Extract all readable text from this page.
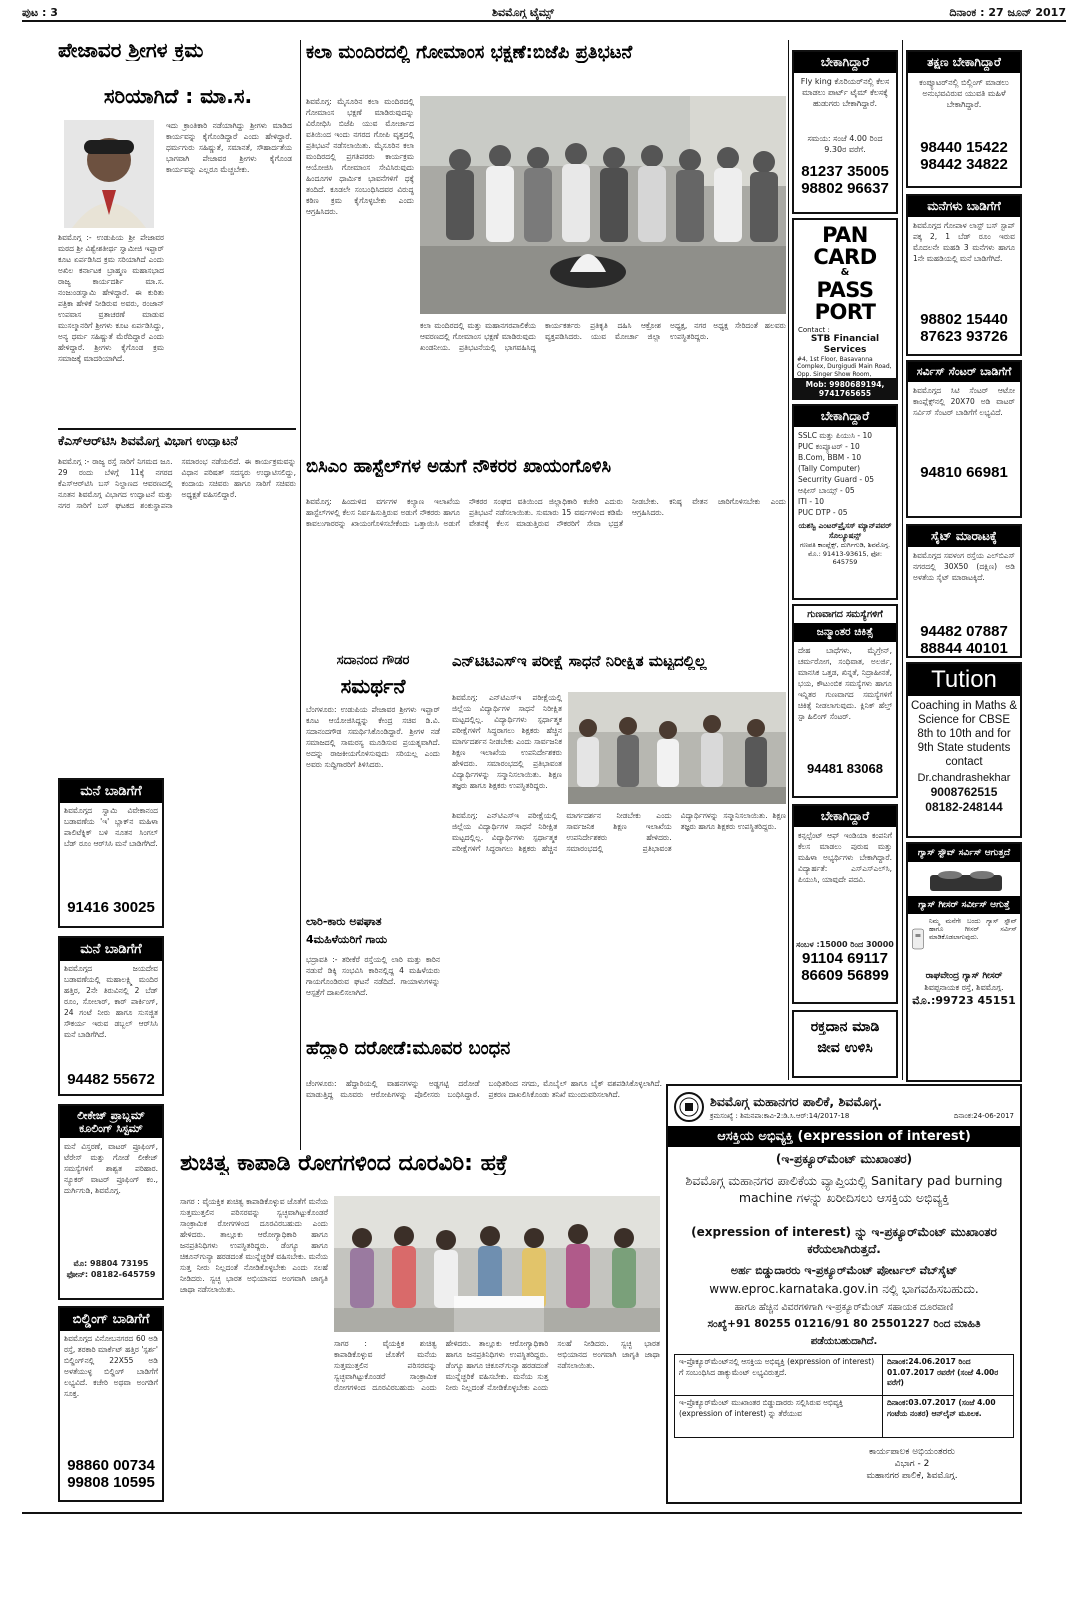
ಪುಟ : 3	ಶಿವಮೊಗ್ಗ ಟೈಮ್ಸ್	ದಿನಾಂಕ : 27 ಜೂನ್ 2017
ಪೇಜಾವರ ಶ್ರೀಗಳ ಕ್ರಮ
ಸರಿಯಾಗಿದೆ : ಮಾ.ಸ.
ಇದು ಕ್ರಾಂತಿಕಾರಿ ನಡೆಯಾಗಿದ್ದು ಶ್ರೀಗಳು ಮಾಡಿದ ಕಾರ್ಯವನ್ನು ಕೈಗೊಂಡಿದ್ದಾರೆ ಎಂದು ಹೇಳಿದ್ದಾರೆ. ಧರ್ಮಗುರು ಸಹಿಷ್ಣುತೆ, ಸಮಾನತೆ, ಸೌಹಾರ್ದತೆಯ ಭಾಗವಾಗಿ ಪೇಜಾವರ ಶ್ರೀಗಳು ಕೈಗೊಂಡ ಕಾರ್ಯವನ್ನು ಎಲ್ಲರೂ ಮೆಚ್ಚಬೇಕು.
ಶಿವಮೊಗ್ಗ :- ಉಡುಪಿಯ ಶ್ರೀ ಪೇಜಾವರ ಮಠದ ಶ್ರೀ ವಿಶ್ವೇಶತೀರ್ಥ ಸ್ವಾಮೀಜಿ ಇಫ್ತಾರ್ ಕೂಟ ಏರ್ಪಡಿಸಿದ ಕ್ರಮ ಸರಿಯಾಗಿದೆ ಎಂದು ಅಖಿಲ ಕರ್ನಾಟಕ ಬ್ರಾಹ್ಮಣ ಮಹಾಸಭಾದ ರಾಜ್ಯ ಕಾರ್ಯದರ್ಶಿ ಮಾ.ಸ. ನಂಜುಂಡಸ್ವಾಮಿ ಹೇಳಿದ್ದಾರೆ. ಈ ಕುರಿತು ಪತ್ರಿಕಾ ಹೇಳಿಕೆ ನೀಡಿರುವ ಅವರು, ರಂಜಾನ್ ಉಪವಾಸ ವ್ರತಾಚರಣೆ ಮಾಡುವ ಮುಸಲ್ಮಾನರಿಗೆ ಶ್ರೀಗಳು ಕೂಟ ಏರ್ಪಡಿಸಿದ್ದು, ಅನ್ಯ ಧರ್ಮ ಸಹಿಷ್ಣುತೆ ಮೆರೆದಿದ್ದಾರೆ ಎಂದು ಹೇಳಿದ್ದಾರೆ. ಶ್ರೀಗಳು ಕೈಗೊಂಡ ಕ್ರಮ ಸಮಾಜಕ್ಕೆ ಮಾದರಿಯಾಗಿದೆ.
ಕೆಎಸ್‌ಆರ್‌ಟಿಸಿ ಶಿವಮೊಗ್ಗ ವಿಭಾಗ ಉದ್ಘಾಟನೆ
ಶಿವಮೊಗ್ಗ :- ರಾಜ್ಯ ರಸ್ತೆ ಸಾರಿಗೆ ನಿಗಮದ ಜೂ. 29 ರಂದು ಬೆಳಿಗ್ಗೆ 11ಕ್ಕೆ ನಗರದ ಕೆಎಸ್‌ಆರ್‌ಟಿಸಿ ಬಸ್ ನಿಲ್ದಾಣದ ಆವರಣದಲ್ಲಿ ನೂತನ ಶಿವಮೊಗ್ಗ ವಿಭಾಗದ ಉದ್ಘಾಟನೆ ಮತ್ತು ನಗರ ಸಾರಿಗೆ ಬಸ್ ಘಟಕದ ಶಂಕುಸ್ಥಾಪನಾ ಸಮಾರಂಭ ನಡೆಯಲಿದೆ. ಈ ಕಾರ್ಯಕ್ರಮವನ್ನು ವಿಧಾನ ಪರಿಷತ್ ಸದಸ್ಯರು ಉದ್ಘಾಟಿಸಲಿದ್ದು, ಕಂದಾಯ ಸಚಿವರು ಹಾಗೂ ಸಾರಿಗೆ ಸಚಿವರು ಅಧ್ಯಕ್ಷತೆ ವಹಿಸಲಿದ್ದಾರೆ.
ಮನೆ ಬಾಡಿಗೆಗೆ
ಶಿವಮೊಗ್ಗದ ಸ್ವಾಮಿ ವಿವೇಕಾನಂದ ಬಡಾವಣೆಯ 'ಇ' ಬ್ಲಾಕ್‌ನ ಮಹಿಳಾ ಪಾಲಿಟೆಕ್ನಿಕ್ ಬಳಿ ನೂತನ ಸಿಂಗಲ್ ಬೆಡ್ ರೂಂ ಆರ್‌ಸಿಸಿ ಮನೆ ಬಾಡಿಗೆಗಿದೆ.
91416 30025
ಮನೆ ಬಾಡಿಗೆಗೆ
ಶಿವಮೊಗ್ಗದ ಜಯದೇವ ಬಡಾವಣೆಯಲ್ಲಿ ಮಹಾಲಕ್ಷ್ಮಿ ಮಂದಿರ ಹತ್ತಿರ, 2ನೇ ತಿರುವಿನಲ್ಲಿ 2 ಬೆಡ್ ರೂಂ, ಸೋಲಾರ್, ಕಾರ್ ಪಾರ್ಕಿಂಗ್, 24 ಗಂಟೆ ನೀರು ಹಾಗೂ ಸುಸಜ್ಜಿತ ಸೌಕರ್ಯ ಇರುವ ಡಬ್ಬಲ್ ಆರ್‌ಸಿಸಿ ಮನೆ ಬಾಡಿಗೆಗಿದೆ.
94482 55672
ಲೀಕೇಜ್ ಪ್ರಾಬ್ಲಮ್ ಕೂಲಿಂಗ್ ಸಿಸ್ಟಮ್
ಮನೆ ವಿಸ್ತರಣೆ, ವಾಟರ್ ಪ್ರೂಫಿಂಗ್, ಟೆರೇಸ್ ಮತ್ತು ಗೋಡೆ ಲೀಕೇಜ್ ಸಮಸ್ಯೆಗಳಿಗೆ ಶಾಶ್ವತ ಪರಿಹಾರ. ನ್ಯೂಕರ್ ವಾಟರ್ ಪ್ರೂಫಿಂಗ್ ಕಂ., ದುರ್ಗಿಗುಡಿ, ಶಿವಮೊಗ್ಗ.
ಮೊ: 98804 73195
ಫೋನ್: 08182-645759
ಬಿಲ್ಡಿಂಗ್ ಬಾಡಿಗೆಗೆ
ಶಿವಮೊಗ್ಗದ ವಿನೋಬನಗರದ 60 ಅಡಿ ರಸ್ತೆ, ತರಕಾರಿ ಮಾರ್ಕೆಟ್ ಹತ್ತಿರ 'ಸ್ಪರ್ಶ' ಬಿಲ್ಡಿಂಗ್‌ನಲ್ಲಿ 22X55 ಅಡಿ ಅಳತೆಯುಳ್ಳ ಬಿಲ್ಡಿಂಗ್ ಬಾಡಿಗೆಗೆ ಲಭ್ಯವಿದೆ. ಕಚೇರಿ ಅಥವಾ ಅಂಗಡಿಗೆ ಸೂಕ್ತ.
98860 00734
99808 10595
ಕಲಾ ಮಂದಿರದಲ್ಲಿ ಗೋಮಾಂಸ ಭಕ್ಷಣೆ:ಬಿಜೆಪಿ ಪ್ರತಿಭಟನೆ
ಶಿವಮೊಗ್ಗ: ಮೈಸೂರಿನ ಕಲಾ ಮಂದಿರದಲ್ಲಿ ಗೋಮಾಂಸ ಭಕ್ಷಣೆ ಮಾಡಿರುವುದನ್ನು ವಿರೋಧಿಸಿ ಬಿಜೆಪಿ ಯುವ ಮೋರ್ಚಾದ ವತಿಯಿಂದ ಇಂದು ನಗರದ ಗೋಪಿ ವೃತ್ತದಲ್ಲಿ ಪ್ರತಿಭಟನೆ ನಡೆಸಲಾಯಿತು. ಮೈಸೂರಿನ ಕಲಾ ಮಂದಿರದಲ್ಲಿ ಪ್ರಗತಿಪರರು ಕಾರ್ಯಕ್ರಮ ಆಯೋಜಿಸಿ ಗೋಮಾಂಸ ಸೇವಿಸಿರುವುದು ಹಿಂದೂಗಳ ಧಾರ್ಮಿಕ ಭಾವನೆಗಳಿಗೆ ಧಕ್ಕೆ ತಂದಿದೆ. ಕೂಡಲೇ ಸಂಬಂಧಿಸಿದವರ ವಿರುದ್ಧ ಕಠಿಣ ಕ್ರಮ ಕೈಗೊಳ್ಳಬೇಕು ಎಂದು ಆಗ್ರಹಿಸಿದರು.
ಕಲಾ ಮಂದಿರದಲ್ಲಿ ಮತ್ತು ಮಹಾನಗರಪಾಲಿಕೆಯ ಆವರಣದಲ್ಲಿ ಗೋಮಾಂಸ ಭಕ್ಷಣೆ ಮಾಡಿರುವುದು ಖಂಡನೀಯ. ಪ್ರತಿಭಟನೆಯಲ್ಲಿ ಭಾಗವಹಿಸಿದ್ದ ಕಾರ್ಯಕರ್ತರು ಪ್ರತಿಕೃತಿ ದಹಿಸಿ ಆಕ್ರೋಶ ವ್ಯಕ್ತಪಡಿಸಿದರು. ಯುವ ಮೋರ್ಚಾ ಜಿಲ್ಲಾ ಅಧ್ಯಕ್ಷ, ನಗರ ಅಧ್ಯಕ್ಷ ಸೇರಿದಂತೆ ಹಲವರು ಉಪಸ್ಥಿತರಿದ್ದರು.
ಬಿಸಿಎಂ ಹಾಸ್ಟೆಲ್‌ಗಳ ಅಡುಗೆ ನೌಕರರ ಖಾಯಂಗೊಳಿಸಿ
ಶಿವಮೊಗ್ಗ: ಹಿಂದುಳಿದ ವರ್ಗಗಳ ಕಲ್ಯಾಣ ಇಲಾಖೆಯ ಹಾಸ್ಟೆಲ್‌ಗಳಲ್ಲಿ ಕೆಲಸ ನಿರ್ವಹಿಸುತ್ತಿರುವ ಅಡುಗೆ ನೌಕರರು ಹಾಗೂ ಕಾವಲುಗಾರರನ್ನು ಖಾಯಂಗೊಳಿಸಬೇಕೆಂದು ಒತ್ತಾಯಿಸಿ ಅಡುಗೆ ನೌಕರರ ಸಂಘದ ವತಿಯಿಂದ ಜಿಲ್ಲಾಧಿಕಾರಿ ಕಚೇರಿ ಎದುರು ಪ್ರತಿಭಟನೆ ನಡೆಸಲಾಯಿತು. ಸುಮಾರು 15 ವರ್ಷಗಳಿಂದ ಕಡಿಮೆ ವೇತನಕ್ಕೆ ಕೆಲಸ ಮಾಡುತ್ತಿರುವ ನೌಕರರಿಗೆ ಸೇವಾ ಭದ್ರತೆ ನೀಡಬೇಕು. ಕನಿಷ್ಠ ವೇತನ ಜಾರಿಗೊಳಿಸಬೇಕು ಎಂದು ಆಗ್ರಹಿಸಿದರು.
ಸದಾನಂದ ಗೌಡರ
ಸಮರ್ಥನೆ
ಬೆಂಗಳೂರು: ಉಡುಪಿಯ ಪೇಜಾವರ ಶ್ರೀಗಳು ಇಫ್ತಾರ್ ಕೂಟ ಆಯೋಜಿಸಿದ್ದನ್ನು ಕೇಂದ್ರ ಸಚಿವ ಡಿ.ವಿ. ಸದಾನಂದಗೌಡ ಸಮರ್ಥಿಸಿಕೊಂಡಿದ್ದಾರೆ. ಶ್ರೀಗಳ ನಡೆ ಸಮಾಜದಲ್ಲಿ ಸಾಮರಸ್ಯ ಮೂಡಿಸುವ ಪ್ರಯತ್ನವಾಗಿದೆ. ಅದನ್ನು ರಾಜಕೀಯಗೊಳಿಸುವುದು ಸರಿಯಲ್ಲ ಎಂದು ಅವರು ಸುದ್ದಿಗಾರರಿಗೆ ತಿಳಿಸಿದರು.
ಲಾರಿ-ಕಾರು ಅಪಘಾತ
4ಮಹಿಳೆಯರಿಗೆ ಗಾಯ
ಭದ್ರಾವತಿ :- ತರೀಕೆರೆ ರಸ್ತೆಯಲ್ಲಿ ಲಾರಿ ಮತ್ತು ಕಾರಿನ ನಡುವೆ ಡಿಕ್ಕಿ ಸಂಭವಿಸಿ ಕಾರಿನಲ್ಲಿದ್ದ 4 ಮಹಿಳೆಯರು ಗಾಯಗೊಂಡಿರುವ ಘಟನೆ ನಡೆದಿದೆ. ಗಾಯಾಳುಗಳನ್ನು ಆಸ್ಪತ್ರೆಗೆ ದಾಖಲಿಸಲಾಗಿದೆ.
ಎನ್‌ಟಿಟಿಎಸ್‌ಇ ಪರೀಕ್ಷೆ ಸಾಧನೆ ನಿರೀಕ್ಷಿತ ಮಟ್ಟದಲ್ಲಿಲ್ಲ
ಶಿವಮೊಗ್ಗ: ಎನ್‌ಟಿಎಸ್‌ಇ ಪರೀಕ್ಷೆಯಲ್ಲಿ ಜಿಲ್ಲೆಯ ವಿದ್ಯಾರ್ಥಿಗಳ ಸಾಧನೆ ನಿರೀಕ್ಷಿತ ಮಟ್ಟದಲ್ಲಿಲ್ಲ. ವಿದ್ಯಾರ್ಥಿಗಳು ಸ್ಪರ್ಧಾತ್ಮಕ ಪರೀಕ್ಷೆಗಳಿಗೆ ಸಿದ್ಧರಾಗಲು ಶಿಕ್ಷಕರು ಹೆಚ್ಚಿನ ಮಾರ್ಗದರ್ಶನ ನೀಡಬೇಕು ಎಂದು ಸಾರ್ವಜನಿಕ ಶಿಕ್ಷಣ ಇಲಾಖೆಯ ಉಪನಿರ್ದೇಶಕರು ಹೇಳಿದರು. ಸಮಾರಂಭದಲ್ಲಿ ಪ್ರತಿಭಾವಂತ ವಿದ್ಯಾರ್ಥಿಗಳನ್ನು ಸನ್ಮಾನಿಸಲಾಯಿತು. ಶಿಕ್ಷಣ ತಜ್ಞರು ಹಾಗೂ ಶಿಕ್ಷಕರು ಉಪಸ್ಥಿತರಿದ್ದರು.
ಶಿವಮೊಗ್ಗ: ಎನ್‌ಟಿಎಸ್‌ಇ ಪರೀಕ್ಷೆಯಲ್ಲಿ ಜಿಲ್ಲೆಯ ವಿದ್ಯಾರ್ಥಿಗಳ ಸಾಧನೆ ನಿರೀಕ್ಷಿತ ಮಟ್ಟದಲ್ಲಿಲ್ಲ. ವಿದ್ಯಾರ್ಥಿಗಳು ಸ್ಪರ್ಧಾತ್ಮಕ ಪರೀಕ್ಷೆಗಳಿಗೆ ಸಿದ್ಧರಾಗಲು ಶಿಕ್ಷಕರು ಹೆಚ್ಚಿನ ಮಾರ್ಗದರ್ಶನ ನೀಡಬೇಕು ಎಂದು ಸಾರ್ವಜನಿಕ ಶಿಕ್ಷಣ ಇಲಾಖೆಯ ಉಪನಿರ್ದೇಶಕರು ಹೇಳಿದರು. ಸಮಾರಂಭದಲ್ಲಿ ಪ್ರತಿಭಾವಂತ ವಿದ್ಯಾರ್ಥಿಗಳನ್ನು ಸನ್ಮಾನಿಸಲಾಯಿತು. ಶಿಕ್ಷಣ ತಜ್ಞರು ಹಾಗೂ ಶಿಕ್ಷಕರು ಉಪಸ್ಥಿತರಿದ್ದರು.
ಹೆದ್ದಾರಿ ದರೋಡೆ:ಮೂವರ ಬಂಧನ
ಚೆಂಗಳೂರು: ಹೆದ್ದಾರಿಯಲ್ಲಿ ವಾಹನಗಳನ್ನು ಅಡ್ಡಗಟ್ಟಿ ದರೋಡೆ ಮಾಡುತ್ತಿದ್ದ ಮೂವರು ಆರೋಪಿಗಳನ್ನು ಪೊಲೀಸರು ಬಂಧಿಸಿದ್ದಾರೆ. ಬಂಧಿತರಿಂದ ನಗದು, ಮೊಬೈಲ್ ಹಾಗೂ ಬೈಕ್ ವಶಪಡಿಸಿಕೊಳ್ಳಲಾಗಿದೆ. ಪ್ರಕರಣ ದಾಖಲಿಸಿಕೊಂಡು ತನಿಖೆ ಮುಂದುವರಿಸಲಾಗಿದೆ.
ಶುಚಿತ್ವ ಕಾಪಾಡಿ ರೋಗಗಳಿಂದ ದೂರವಿರಿ: ಹಕ್ರೆ
ಸಾಗರ : ವೈಯಕ್ತಿಕ ಶುಚಿತ್ವ ಕಾಪಾಡಿಕೊಳ್ಳುವ ಜೊತೆಗೆ ಮನೆಯ ಸುತ್ತಮುತ್ತಲಿನ ಪರಿಸರವನ್ನು ಸ್ವಚ್ಛವಾಗಿಟ್ಟುಕೊಂಡರೆ ಸಾಂಕ್ರಾಮಿಕ ರೋಗಗಳಿಂದ ದೂರವಿರಬಹುದು ಎಂದು ಹೇಳಿದರು. ತಾಲ್ಲೂಕು ಆರೋಗ್ಯಾಧಿಕಾರಿ ಹಾಗೂ ಜನಪ್ರತಿನಿಧಿಗಳು ಉಪಸ್ಥಿತರಿದ್ದರು. ಡೆಂಗ್ಯೂ ಹಾಗೂ ಚಿಕೂನ್‌ಗುನ್ಯಾ ಹರಡದಂತೆ ಮುನ್ನೆಚ್ಚರಿಕೆ ವಹಿಸಬೇಕು. ಮನೆಯ ಸುತ್ತ ನೀರು ನಿಲ್ಲದಂತೆ ನೋಡಿಕೊಳ್ಳಬೇಕು ಎಂದು ಸಲಹೆ ನೀಡಿದರು. ಸ್ವಚ್ಛ ಭಾರತ ಅಭಿಯಾನದ ಅಂಗವಾಗಿ ಜಾಗೃತಿ ಜಾಥಾ ನಡೆಸಲಾಯಿತು.
ಸಾಗರ : ವೈಯಕ್ತಿಕ ಶುಚಿತ್ವ ಕಾಪಾಡಿಕೊಳ್ಳುವ ಜೊತೆಗೆ ಮನೆಯ ಸುತ್ತಮುತ್ತಲಿನ ಪರಿಸರವನ್ನು ಸ್ವಚ್ಛವಾಗಿಟ್ಟುಕೊಂಡರೆ ಸಾಂಕ್ರಾಮಿಕ ರೋಗಗಳಿಂದ ದೂರವಿರಬಹುದು ಎಂದು ಹೇಳಿದರು. ತಾಲ್ಲೂಕು ಆರೋಗ್ಯಾಧಿಕಾರಿ ಹಾಗೂ ಜನಪ್ರತಿನಿಧಿಗಳು ಉಪಸ್ಥಿತರಿದ್ದರು. ಡೆಂಗ್ಯೂ ಹಾಗೂ ಚಿಕೂನ್‌ಗುನ್ಯಾ ಹರಡದಂತೆ ಮುನ್ನೆಚ್ಚರಿಕೆ ವಹಿಸಬೇಕು. ಮನೆಯ ಸುತ್ತ ನೀರು ನಿಲ್ಲದಂತೆ ನೋಡಿಕೊಳ್ಳಬೇಕು ಎಂದು ಸಲಹೆ ನೀಡಿದರು. ಸ್ವಚ್ಛ ಭಾರತ ಅಭಿಯಾನದ ಅಂಗವಾಗಿ ಜಾಗೃತಿ ಜಾಥಾ ನಡೆಸಲಾಯಿತು.
ಬೇಕಾಗಿದ್ದಾರೆ
Fly king ಕೊರಿಯರ್‌ನಲ್ಲಿ ಕೆಲಸ ಮಾಡಲು ಪಾರ್ಟ್ ಟೈಮ್ ಕೆಲಸಕ್ಕೆ ಹುಡುಗರು ಬೇಕಾಗಿದ್ದಾರೆ.
ಸಮಯ: ಸಂಜೆ 4.00 ರಿಂದ 9.30ರ ವರೆಗೆ.
81237 35005
98802 96637
PAN CARD
&
PASS PORT
Contact :
STB Financial Services
#4, 1st Floor, Basavanna Complex, Durgigudi Main Road, Opp. Singer Show Room,
Mob: 9980689194, 9741765655
ಬೇಕಾಗಿದ್ದಾರೆ
SSLC ಮತ್ತು ಪಿಯುಸಿ - 10
PUC ಕಂಪ್ಯೂಟರ್ - 10
B.Com, BBM - 10
(Tally Computer)
Securrity Guard - 05
ಆಫೀಸ್ ಬಾಯ್ಸ್ - 05
ITI - 10
PUC DTP - 05
ಯಶಸ್ವಿ ಎಂಟರ್‌ಪ್ರೈಸಸ್ ಮ್ಯಾನ್‌ಪವರ್ ಸೊಲ್ಯೂಷನ್ಸ್
ಗಣಪತಿ ಕಾಂಪ್ಲೆಕ್ಸ್, ದುರ್ಗಿಗುಡಿ, ಶಿವಮೊಗ್ಗ. ಮೊ.: 91413-93615, ಫೋ: 645759
ಗುಣವಾಗದ ಸಮಸ್ಯೆಗಳಿಗೆ
ಜನ್ಮಾಂತರ ಚಿಕಿತ್ಸೆ
ದೇಹ ಬಾಧೆಗಳು, ಮೈಗ್ರೇನ್, ಚರ್ಮರೋಗ, ಸಂಧಿವಾತ, ಅಲರ್ಜಿ, ಮಾನಸಿಕ ಒತ್ತಡ, ಖಿನ್ನತೆ, ನಿದ್ರಾಹೀನತೆ, ಭಯ, ಕೌಟುಂಬಿಕ ಸಮಸ್ಯೆಗಳು ಹಾಗೂ ಇನ್ನಿತರ ಗುಣವಾಗದ ಸಮಸ್ಯೆಗಳಿಗೆ ಚಿಕಿತ್ಸೆ ನೀಡಲಾಗುವುದು. ಕ್ಲಿನಿಕ್ ಹೆಲ್ತ್ ಸ್ಪಾ ಹಿಲಿಂಗ್ ಸೆಂಟರ್.
94481 83068
ಬೇಕಾಗಿದ್ದಾರೆ
ಕನ್ಸಲ್ಟೆಂಟ್ ಆಫ್ ಇಂಡಿಯಾ ಕಂಪನಿಗೆ ಕೆಲಸ ಮಾಡಲು ಪುರುಷ ಮತ್ತು ಮಹಿಳಾ ಅಭ್ಯರ್ಥಿಗಳು ಬೇಕಾಗಿದ್ದಾರೆ. ವಿದ್ಯಾರ್ಹತೆ: ಎಸ್‌ಎಸ್‌ಎಲ್‌ಸಿ, ಪಿಯುಸಿ, ಯಾವುದೇ ಪದವಿ.
ಸಂಬಳ :15000 ರಿಂದ 30000
91104 69117
86609 56899
ರಕ್ತದಾನ ಮಾಡಿ
ಜೀವ ಉಳಿಸಿ
ತಕ್ಷಣ ಬೇಕಾಗಿದ್ದಾರೆ
ಕಂಪ್ಯೂಟರ್‌ನಲ್ಲಿ ಬಿಲ್ಲಿಂಗ್ ಮಾಡಲು ಅನುಭವವಿರುವ ಯುವತಿ ಮಹಿಳೆ ಬೇಕಾಗಿದ್ದಾರೆ.
98440 15422
98442 34822
ಮನೆಗಳು ಬಾಡಿಗೆಗೆ
ಶಿವಮೊಗ್ಗದ ಗೋಪಾಳ ಲಾಸ್ಟ್ ಬಸ್ ಸ್ಟಾಪ್ ಪಕ್ಕ 2, 1 ಬೆಡ್ ರೂಂ ಇರುವ ಮೊದಲನೇ ಮಹಡಿ 3 ಮನೆಗಳು ಹಾಗೂ 1ನೇ ಮಹಡಿಯಲ್ಲಿ ಮನೆ ಬಾಡಿಗೆಗಿದೆ.
98802 15440
87623 93726
ಸರ್ವಿಸ್ ಸೆಂಟರ್ ಬಾಡಿಗೆಗೆ
ಶಿವಮೊಗ್ಗದ ಸಿಟಿ ಸೆಂಟರ್ ಆಟೋ ಕಾಂಪ್ಲೆಕ್ಸ್‌ನಲ್ಲಿ 20X70 ಅಡಿ ವಾಟರ್ ಸರ್ವಿಸ್ ಸೆಂಟರ್ ಬಾಡಿಗೆಗೆ ಲಭ್ಯವಿದೆ.
94810 66981
ಸೈಟ್ ಮಾರಾಟಕ್ಕೆ
ಶಿವಮೊಗ್ಗದ ಸವಳಂಗ ರಸ್ತೆಯ ಎಲ್‌ಬಿಎಸ್ ನಗರದಲ್ಲಿ 30X50 (ದಕ್ಷಿಣ) ಅಡಿ ಅಳತೆಯ ಸೈಟ್ ಮಾರಾಟಕ್ಕಿದೆ.
94482 07887
88844 40101
Tution
Coaching in Maths & Science for CBSE 8th to 10th and for 9th State students contact
Dr.chandrashekhar
9008762515
08182-248144
ಗ್ಯಾಸ್ ಸ್ಟೌವ್ ಸರ್ವಿಸ್ ಆಗುತ್ತದೆ
ಗ್ಯಾಸ್ ಗೀಸರ್ ಸರ್ವೀಸ್ ಆಗುತ್ತೆ
ನಿಮ್ಮ ಮನೆಗೇ ಬಂದು ಗ್ಯಾಸ್ ಸ್ಟೌವ್ ಹಾಗೂ ಗೀಸರ್ ಸರ್ವಿಸ್ ಮಾಡಿಕೊಡಲಾಗುವುದು.
ರಾಘವೇಂದ್ರ ಗ್ಯಾಸ್ ಗೀಸರ್
ಶಿವಪ್ಪನಾಯಕ ರಸ್ತೆ, ಶಿವಮೊಗ್ಗ.
ಮೊ.:99723 45151
ಶಿವಮೊಗ್ಗ ಮಹಾನಗರ ಪಾಲಿಕೆ, ಶಿವಮೊಗ್ಗ.
ಕ್ರಮಸಂಖ್ಯೆ : ಶಿಮನಪಾ:ಕಾವಿ-2:ಡಿ.ಸಿ.ಆರ್:14/2017-18	ದಿನಾಂಕ:24-06-2017
ಆಸಕ್ತಿಯ ಅಭಿವ್ಯಕ್ತಿ (expression of interest)
(ಇ-ಪ್ರಕ್ಯೂರ್‌ಮೆಂಟ್ ಮುಖಾಂತರ)
ಶಿವಮೊಗ್ಗ ಮಹಾನಗರ ಪಾಲಿಕೆಯ ವ್ಯಾಪ್ತಿಯಲ್ಲಿ Sanitary pad burning machine ಗಳನ್ನು ಖರೀದಿಸಲು ಆಸಕ್ತಿಯ ಅಭಿವ್ಯಕ್ತಿ
(expression of interest) ನ್ನು ಇ-ಪ್ರಕ್ಯೂರ್‌ಮೆಂಟ್ ಮುಖಾಂತರ ಕರೆಯಲಾಗಿರುತ್ತದೆ.
ಅರ್ಹ ಬಿಡ್ಡುದಾರರು ಇ-ಪ್ರಕ್ಯೂರ್‌ಮೆಂಟ್ ಪೋರ್ಟಲ್ ವೆಬ್‌ಸೈಟ್
www.eproc.karnataka.gov.in ನಲ್ಲಿ ಭಾಗವಹಿಸಬಹುದು.
ಹಾಗೂ ಹೆಚ್ಚಿನ ವಿವರಗಳಿಗಾಗಿ ಇ-ಪ್ರಕ್ಯೂರ್‌ಮೆಂಟ್ ಸಹಾಯಕ ದೂರವಾಣಿ
ಸಂಖ್ಯೆ+91 80255 01216/91 80 25501227 ರಿಂದ ಮಾಹಿತಿ
ಪಡೆಯಬಹುದಾಗಿದೆ.
ಇ-ಪ್ರೊಕ್ಯೂರ್‌ಮೆಂಟ್‌ನಲ್ಲಿ ಆಸಕ್ತಿಯ ಅಭಿವ್ಯಕ್ತಿ (expression of interest) ಗೆ ಸಂಬಂಧಿಸಿದ ಡಾಕ್ಯುಮೆಂಟ್ ಲಭ್ಯವಿರುತ್ತದೆ.
ದಿನಾಂಕ:24.06.2017 ರಿಂದ 01.07.2017 ರವರೆಗೆ (ಸಂಜೆ 4.00ರ ವರೆಗೆ)
ಇ-ಪ್ರೊಕ್ಯೂರ್‌ಮೆಂಟ್ ಮುಖಾಂತರ ಬಿಡ್ಡುದಾರರು ಸಲ್ಲಿಸಿರುವ ಅಭಿವ್ಯಕ್ತಿ (expression of interest) ನ್ನು ತೆರೆಯುವ
ದಿನಾಂಕ:03.07.2017 (ಸಂಜೆ 4.00 ಗಂಟೆಯ ನಂತರ) ಆನ್‌ಲೈನ್ ಮೂಲಕ.
ಕಾರ್ಯಪಾಲಕ ಅಭಿಯಂತರರು
ವಿಭಾಗ - 2
ಮಹಾನಗರ ಪಾಲಿಕೆ, ಶಿವಮೊಗ್ಗ.
